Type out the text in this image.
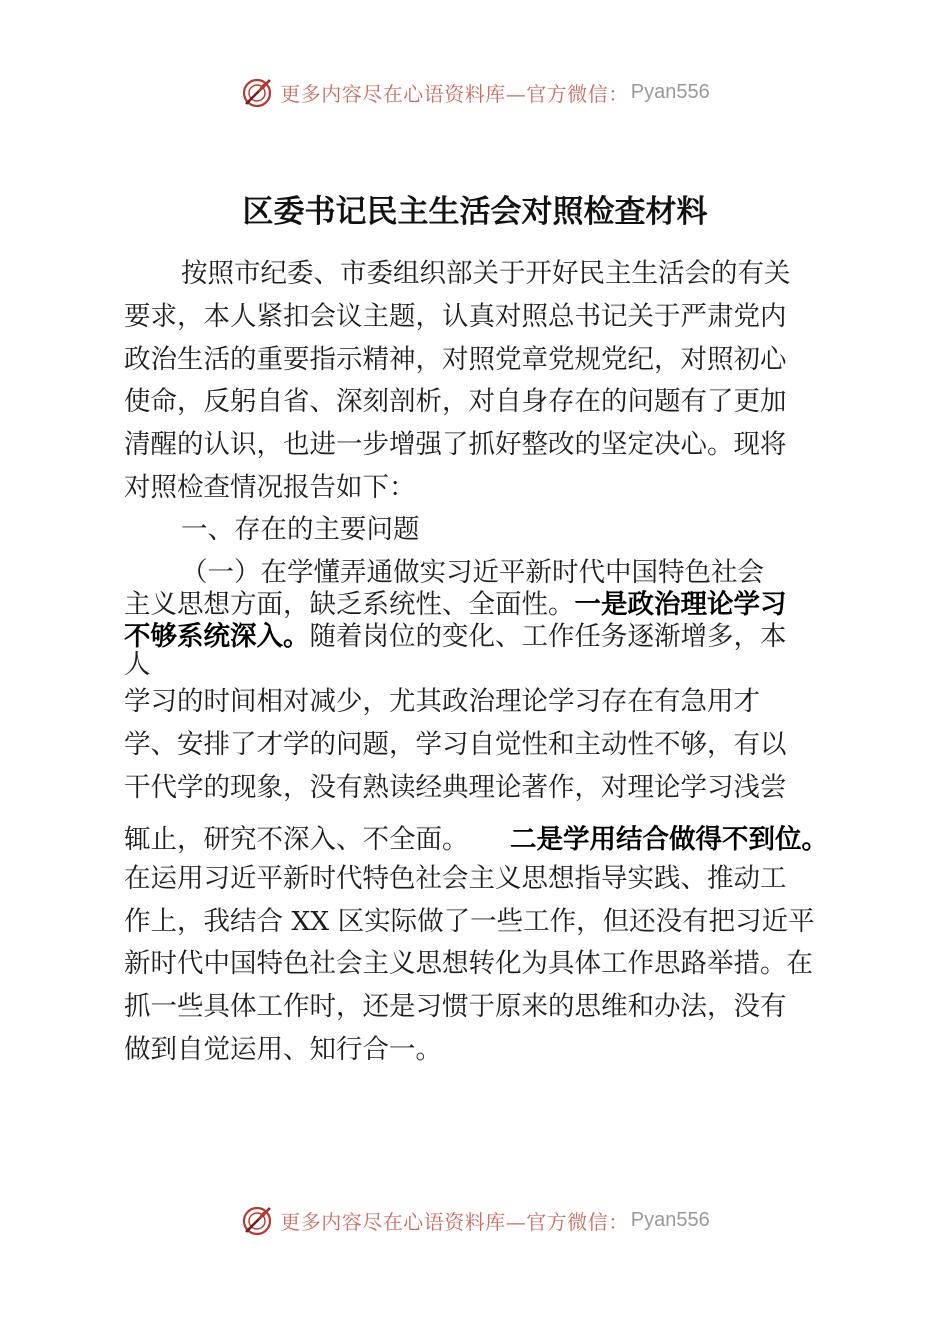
更多内容尽在心语资料库—官方微信： Pyan556
区委书记民主生活会对照检查材料
按照市纪委、市委组织部关于开好民主生活会的有关
要求，本人紧扣会议主题，认真对照总书记关于严肃党内
政治生活的重要指示精神，对照党章党规党纪，对照初心
使命，反躬自省、深刻剖析，对自身存在的问题有了更加
清醒的认识，也进一步增强了抓好整改的坚定决心。现将
对照检查情况报告如下：
一、存在的主要问题
（一）在学懂弄通做实习近平新时代中国特色社会
主义思想方面，缺乏系统性、全面性。 一是政治理论学习
不够系统深入。 随着岗位的变化、工作任务逐渐增多，本
人
学习的时间相对减少，尤其政治理论学习存在有急用才
学、安排了才学的问题，学习自觉性和主动性不够，有以
干代学的现象，没有熟读经典理论著作，对理论学习浅尝
辄止，研究不深入、不全面。 二是学用结合做得不到位。
在运用习近平新时代特色社会主义思想指导实践、推动工
作上，我结合 XX 区实际做了一些工作，但还没有把习近平
新时代中国特色社会主义思想转化为具体工作思路举措。在
抓一些具体工作时，还是习惯于原来的思维和办法，没有
做到自觉运用、知行合一。
更多内容尽在心语资料库—官方微信： Pyan556
